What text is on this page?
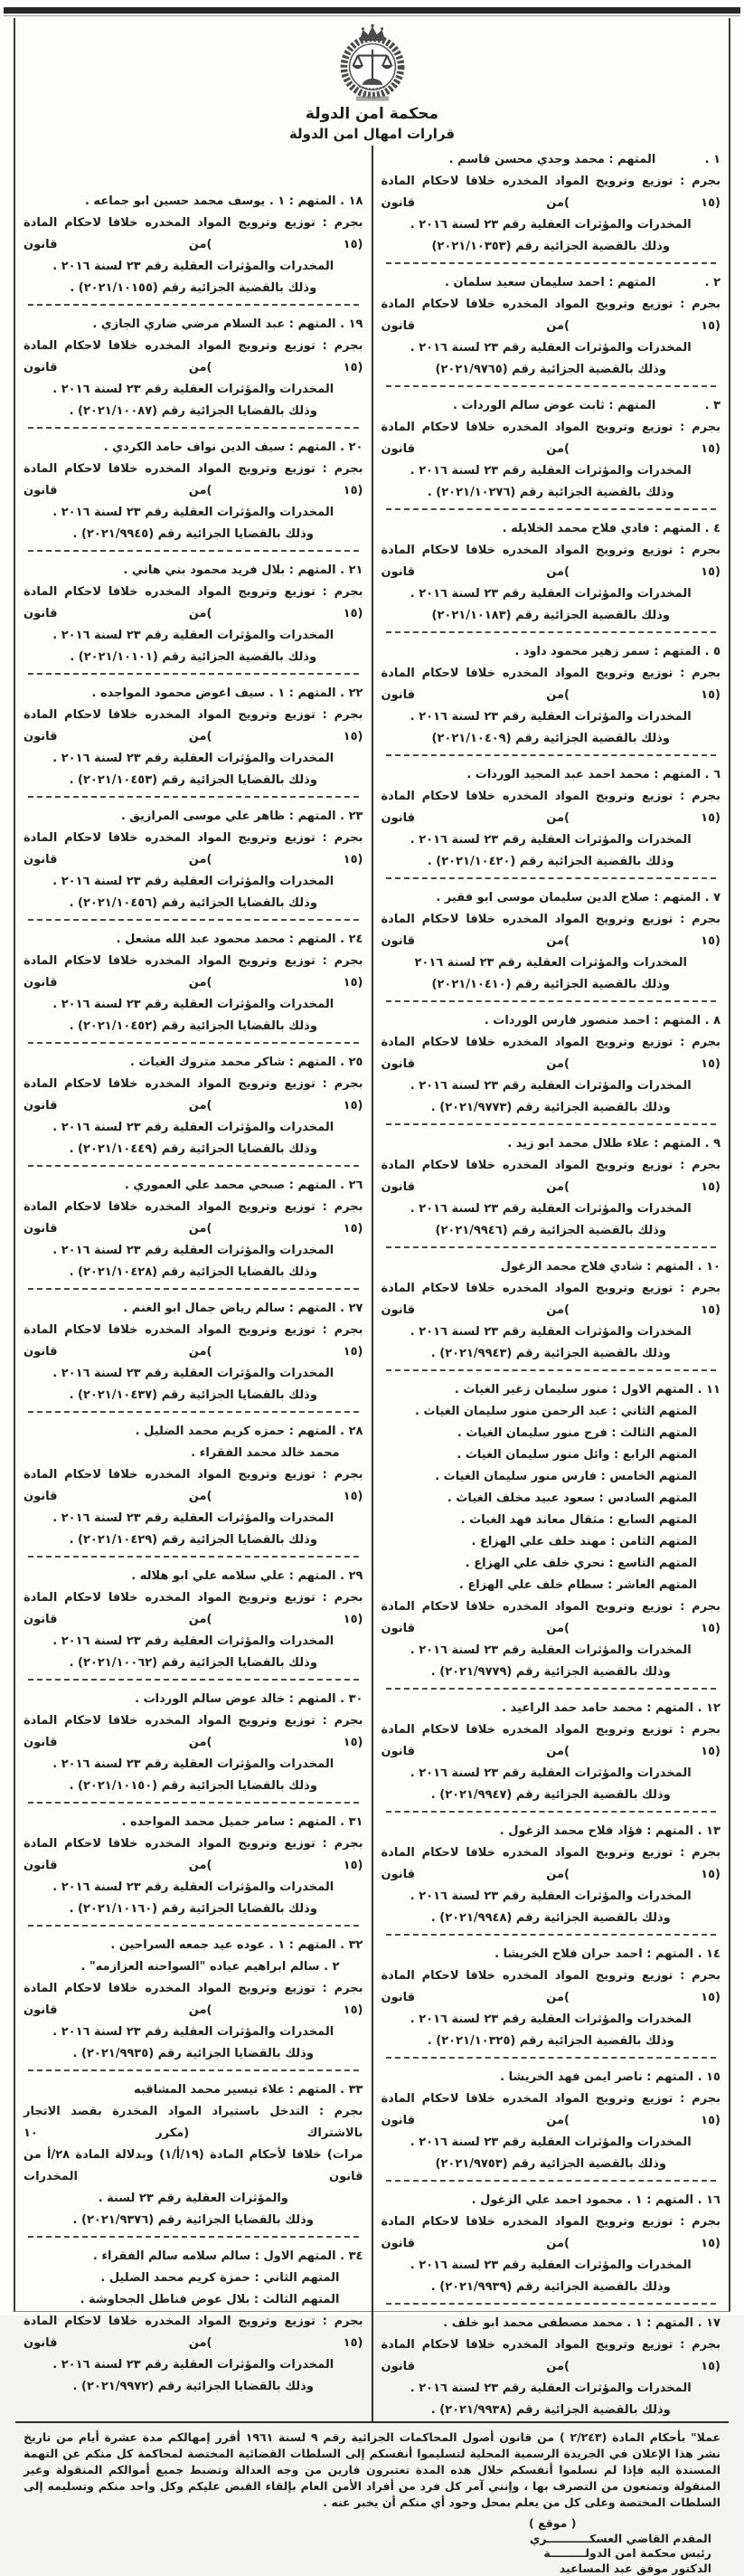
محكمة امن الدولة
قرارات امهال امن الدولة
١ .            المتهم : محمد وجدي محسن قاسم .
بجرم : توزيع وترويج المواد المخدره خلافا لاحكام المادة (١٥ )من قانون
المخدرات والمؤثرات العقلية رقم ٢٣ لسنة ٢٠١٦ .
وذلك بالقضية الجزائية رقم (٢٠٢١/١٠٣٥٣)
٢ .            المتهم : احمد سليمان سعيد سلمان .
بجرم : توزيع وترويج المواد المخدره خلافا لاحكام المادة (١٥ )من قانون
المخدرات والمؤثرات العقلية رقم ٢٣ لسنة ٢٠١٦ .
وذلك بالقضية الجزائية رقم (٢٠٢١/٩٧٦٥)
٣ .            المتهم : ثابت عوض سالم الوردات .
بجرم : توزيع وترويج المواد المخدره خلافا لاحكام المادة (١٥ )من قانون
المخدرات والمؤثرات العقلية رقم ٢٣ لسنة ٢٠١٦ .
وذلك بالقضية الجزائية رقم (٢٠٢١/١٠٢٧٦) .
٤ . المتهم : فادي فلاح محمد الخلايله .
بجرم : توزيع وترويج المواد المخدره خلافا لاحكام المادة (١٥ )من قانون
المخدرات والمؤثرات العقلية رقم ٢٣ لسنة ٢٠١٦ .
وذلك بالقضية الجزائية رقم (٢٠٢١/١٠١٨٣)
٥ . المتهم : سمر زهير محمود داود .
بجرم : توزيع وترويج المواد المخدره خلافا لاحكام المادة (١٥ )من قانون
المخدرات والمؤثرات العقلية رقم ٢٣ لسنة ٢٠١٦ .
وذلك بالقضية الجزائية رقم (٢٠٢١/١٠٤٠٩)
٦ . المتهم : محمد احمد عبد المجيد الوردات .
بجرم : توزيع وترويج المواد المخدره خلافا لاحكام المادة (١٥ )من قانون
المخدرات والمؤثرات العقلية رقم ٢٣ لسنة ٢٠١٦ .
وذلك بالقضية الجزائية رقم (٢٠٢١/١٠٤٢٠) .
٧ . المتهم : صلاح الدين سليمان موسى ابو فقير .
بجرم : توزيع وترويج المواد المخدره خلافا لاحكام المادة (١٥ )من قانون
المخدرات والمؤثرات العقلية رقم ٢٣ لسنة ٢٠١٦
وذلك بالقضية الجزائية رقم (٢٠٢١/١٠٤١٠)
٨ . المتهم : احمد منصور فارس الوردات .
بجرم : توزيع وترويج المواد المخدره خلافا لاحكام المادة (١٥ )من قانون
المخدرات والمؤثرات العقلية رقم ٢٣ لسنة ٢٠١٦ .
وذلك بالقضية الجزائية رقم (٢٠٢١/٩٧٧٣) .
٩ . المتهم : علاء طلال محمد ابو زيد .
بجرم : توزيع وترويج المواد المخدره خلافا لاحكام المادة (١٥ )من قانون
المخدرات والمؤثرات العقلية رقم ٢٣ لسنة ٢٠١٦ .
وذلك بالقضية الجزائية رقم (٢٠٢١/٩٩٤٦)
١٠ . المتهم : شادي فلاح محمد الزغول
بجرم : توزيع وترويج المواد المخدره خلافا لاحكام المادة (١٥ )من قانون
المخدرات والمؤثرات العقلية رقم ٢٣ لسنة ٢٠١٦ .
وذلك بالقضية الجزائية رقم (٢٠٢١/٩٩٤٣) .
١١ . المتهم الاول : منور سليمان زغير الغياث .
المتهم الثاني : عبد الرحمن منور سليمان الغياث .
المتهم الثالث : فرح منور سليمان الغياث .
المتهم الرابع : وائل منور سليمان الغياث .
المتهم الخامس : فارس منور سليمان الغياث .
المتهم السادس : سعود عبيد مخلف الغياث .
المتهم السابع : مثقال معاند فهد الغياث .
المتهم الثامن : مهند خلف علي الهزاع .
المتهم التاسع : نحري خلف علي الهزاع .
المتهم العاشر : سطام خلف علي الهزاع .
بجرم : توزيع وترويج المواد المخدره خلافا لاحكام المادة (١٥ )من قانون
المخدرات والمؤثرات العقلية رقم ٢٣ لسنة ٢٠١٦ .
وذلك بالقضية الجزائية رقم (٢٠٢١/٩٧٧٩) .
١٢ . المتهم : محمد حامد حمد الراعيد .
بجرم : توزيع وترويج المواد المخدره خلافا لاحكام المادة (١٥ )من قانون
المخدرات والمؤثرات العقلية رقم ٢٣ لسنة ٢٠١٦ .
وذلك بالقضية الجزائية رقم (٢٠٢١/٩٩٤٧) .
١٣ . المتهم : فؤاد فلاح محمد الزغول .
بجرم : توزيع وترويج المواد المخدره خلافا لاحكام المادة (١٥ )من قانون
المخدرات والمؤثرات العقلية رقم ٢٣ لسنة ٢٠١٦ .
وذلك بالقضية الجزائية رقم (٢٠٢١/٩٩٤٨) .
١٤ . المتهم : احمد حران فلاح الخريشا .
بجرم : توزيع وترويج المواد المخدره خلافا لاحكام المادة (١٥ )من قانون
المخدرات والمؤثرات العقلية رقم ٢٣ لسنة ٢٠١٦ .
وذلك بالقضية الجزائية رقم (٢٠٢١/١٠٣٢٥) .
١٥ . المتهم : ناصر ايمن فهد الخريشا .
بجرم : توزيع وترويج المواد المخدره خلافا لاحكام المادة (١٥ )من قانون
المخدرات والمؤثرات العقلية رقم ٢٣ لسنة ٢٠١٦ .
وذلك بالقضية الجزائية رقم (٢٠٢١/٩٧٥٣)
١٦ . المتهم : ١ . محمود احمد علي الزغول .
بجرم : توزيع وترويج المواد المخدره خلافا لاحكام المادة (١٥ )من قانون
المخدرات والمؤثرات العقلية رقم ٢٣ لسنة ٢٠١٦ .
وذلك بالقضية الجزائية رقم (٢٠٢١/٩٩٣٩) .
١٧ . المتهم : ١ . محمد مصطفى محمد ابو خلف .
بجرم : توزيع وترويج المواد المخدره خلافا لاحكام المادة (١٥ )من قانون
المخدرات والمؤثرات العقلية رقم ٢٣ لسنة ٢٠١٦ .
وذلك بالقضية الجزائية رقم (٢٠٢١/٩٩٣٨) .
١٨ . المتهم : ١ . يوسف محمد حسين ابو جماعه .
بجرم : توزيع وترويج المواد المخدره خلافا لاحكام المادة (١٥ )من قانون
المخدرات والمؤثرات العقلية رقم ٢٣ لسنة ٢٠١٦ .
وذلك بالقضية الجزائية رقم (٢٠٢١/١٠١٥٥) .
١٩ . المتهم : عبد السلام مرضي ضاري الجازي .
بجرم : توزيع وترويج المواد المخدره خلافا لاحكام المادة (١٥ )من قانون
المخدرات والمؤثرات العقلية رقم ٢٣ لسنة ٢٠١٦ .
وذلك بالقضايا الجزائية رقم (٢٠٢١/١٠٠٨٧) .
٢٠ . المتهم : سيف الدين نواف حامد الكردي .
بجرم : توزيع وترويج المواد المخدره خلافا لاحكام المادة (١٥ )من قانون
المخدرات والمؤثرات العقلية رقم ٢٣ لسنة ٢٠١٦ .
وذلك بالقضايا الجزائية رقم (٢٠٢١/٩٩٤٥) .
٢١ . المتهم : بلال فريد محمود بني هاني .
بجرم : توزيع وترويج المواد المخدره خلافا لاحكام المادة (١٥ )من قانون
المخدرات والمؤثرات العقلية رقم ٢٣ لسنة ٢٠١٦ .
وذلك بالقضية الجزائية رقم (٢٠٢١/١٠١٠١) .
٢٢ . المتهم : ١ . سيف اعوض محمود المواجده .
بجرم : توزيع وترويج المواد المخدره خلافا لاحكام المادة (١٥ )من قانون
المخدرات والمؤثرات العقلية رقم ٢٣ لسنة ٢٠١٦ .
وذلك بالقضايا الجزائية رقم (٢٠٢١/١٠٤٥٣) .
٢٣ . المتهم : ظاهر علي موسى المرازيق .
بجرم : توزيع وترويج المواد المخدره خلافا لاحكام المادة (١٥ )من قانون
المخدرات والمؤثرات العقلية رقم ٢٣ لسنة ٢٠١٦ .
وذلك بالقضايا الجزائية رقم (٢٠٢١/١٠٤٥٦) .
٢٤ . المتهم : محمد محمود عبد الله مشعل .
بجرم : توزيع وترويج المواد المخدره خلافا لاحكام المادة (١٥ )من قانون
المخدرات والمؤثرات العقلية رقم ٢٣ لسنة ٢٠١٦ .
وذلك بالقضايا الجزائية رقم (٢٠٢١/١٠٤٥٢) .
٢٥ . المتهم : شاكر محمد متروك الغياث .
بجرم : توزيع وترويج المواد المخدره خلافا لاحكام المادة (١٥ )من قانون
المخدرات والمؤثرات العقلية رقم ٢٣ لسنة ٢٠١٦ .
وذلك بالقضايا الجزائية رقم (٢٠٢١/١٠٤٤٩) .
٢٦ . المتهم : صبحي محمد علي العموري .
بجرم : توزيع وترويج المواد المخدره خلافا لاحكام المادة (١٥ )من قانون
المخدرات والمؤثرات العقلية رقم ٢٣ لسنة ٢٠١٦ .
وذلك بالقضايا الجزائية رقم (٢٠٢١/١٠٤٢٨) .
٢٧ . المتهم : سالم رياض جمال ابو الغنم .
بجرم : توزيع وترويج المواد المخدره خلافا لاحكام المادة (١٥ )من قانون
المخدرات والمؤثرات العقلية رقم ٢٣ لسنة ٢٠١٦ .
وذلك بالقضايا الجزائية رقم (٢٠٢١/١٠٤٣٧) .
٢٨ . المتهم : حمزه كريم محمد الضليل .
محمد خالد محمد الفقراء .
بجرم : توزيع وترويج المواد المخدره خلافا لاحكام المادة (١٥ )من قانون
المخدرات والمؤثرات العقلية رقم ٢٣ لسنة ٢٠١٦ .
وذلك بالقضايا الجزائية رقم (٢٠٢١/١٠٤٢٩) .
٢٩ . المتهم : علي سلامه علي ابو هلاله .
بجرم : توزيع وترويج المواد المخدره خلافا لاحكام المادة (١٥ )من قانون
المخدرات والمؤثرات العقلية رقم ٢٣ لسنة ٢٠١٦ .
وذلك بالقضايا الجزائية رقم (٢٠٢١/١٠٠٦٢) .
٣٠ . المتهم : خالد عوض سالم الوردات .
بجرم : توزيع وترويج المواد المخدره خلافا لاحكام المادة (١٥ )من قانون
المخدرات والمؤثرات العقلية رقم ٢٣ لسنة ٢٠١٦ .
وذلك بالقضايا الجزائية رقم (٢٠٢١/١٠١٥٠) .
٣١ . المتهم : سامر جميل محمد المواجده .
بجرم : توزيع وترويج المواد المخدره خلافا لاحكام المادة (١٥ )من قانون
المخدرات والمؤثرات العقلية رقم ٢٣ لسنة ٢٠١٦ .
وذلك بالقضايا الجزائية رقم (٢٠٢١/١٠١٦٠) .
٣٢ . المتهم : ١ . عوده عيد جمعه السراحين .
٢ . سالم ابراهيم عياده "السواحنه العزازمه" .
بجرم : توزيع وترويج المواد المخدره خلافا لاحكام المادة (١٥ )من قانون
المخدرات والمؤثرات العقلية رقم ٢٣ لسنة ٢٠١٦ .
وذلك بالقضايا الجزائية رقم (٢٠٢١/٩٩٣٥) .
٣٣ . المتهم : علاء تيسير محمد المشاقبه
بجرم : التدخل باستيراد المواد المخدرة بقصد الاتجار بالاشتراك (مكرر ١٠
مرات) خلافا لأحكام المادة (١٩/أ/١) وبدلالة المادة ٢٨/أ من قانون المخدرات
والمؤثرات العقلية رقم ٢٣ لسنة .
وذلك بالقضايا الجزائية رقم (٢٠٢١/٩٣٧٦) .
٣٤ . المتهم الاول : سالم سلامه سالم الفقراء .
المتهم الثاني : حمزة كريم محمد الضليل .
المتهم الثالث : بلال عوض فناطل الجحاوشة .
بجرم : توزيع وترويج المواد المخدره خلافا لاحكام المادة (١٥ )من قانون
المخدرات والمؤثرات العقلية رقم ٢٣ لسنة ٢٠١٦ .
وذلك بالقضايا الجزائية رقم (٢٠٢١/٩٩٧٢) .

عملا" بأحكام المادة (٢/٢٤٣ ) من قانون أصول المحاكمات الجزائية رقم ٩ لسنة ١٩٦١ أقرر إمهالكم مدة عشرة أيام من تاريخ نشر هذا الإعلان في الجريدة الرسمية المحلية لتسليموا أنفسكم إلى السلطات القضائية المختصة لمحاكمة كل منكم عن التهمة المسندة اليه فإذا لم تسلموا أنفسكم خلال هذه المدة تعتبرون فارين من وجه العدالة وتضبط جميع أموالكم المنقولة وغير المنقولة وتمنعون من التصرف بها ، وإنني آمر كل فرد من أفراد الأمن العام بإلقاء القبض عليكم وكل واحد منكم وتسليمه إلى السلطات المختصة وعلى كل من يعلم بمحل وجود أي منكم أن يخبر عنه .

( موقع )
المقدم القاضي العسكـــــــــــري
رئيس محكمة امن الدولـــــــــة
الدكتور موفق عبد المساعيد
